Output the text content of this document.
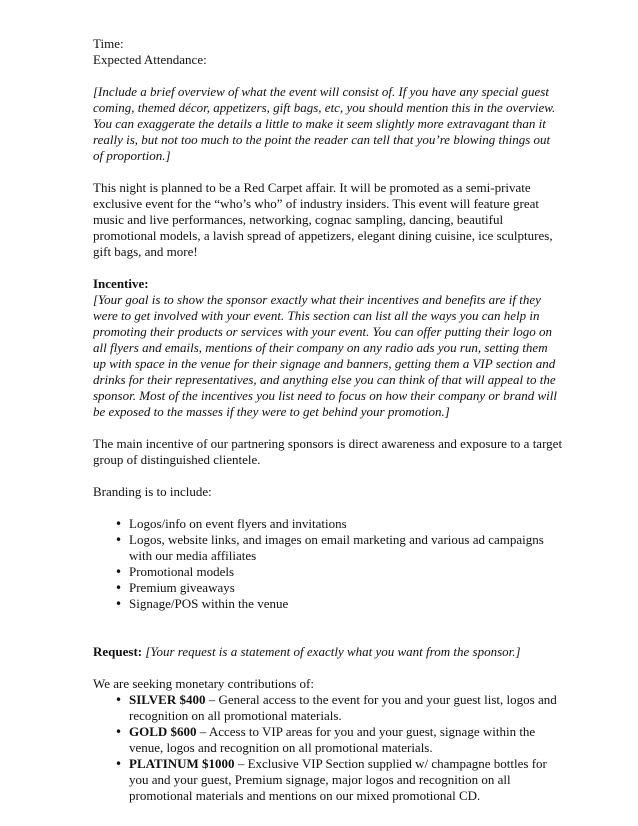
Time:

Expected Attendance:

[Include a brief overview of what the event will consist of. If you have any special guest coming, themed décor, appetizers, gift bags, etc, you should mention this in the overview. You can exaggerate the details a little to make it seem slightly more extravagant than it really is, but not too much to the point the reader can tell that you’re blowing things out of proportion.]

This night is planned to be a Red Carpet affair. It will be promoted as a semi-private exclusive event for the “who’s who” of industry insiders. This event will feature great music and live performances, networking, cognac sampling, dancing, beautiful promotional models, a lavish spread of appetizers, elegant dining cuisine, ice sculptures, gift bags, and more!

Incentive:

[Your goal is to show the sponsor exactly what their incentives and benefits are if they were to get involved with your event. This section can list all the ways you can help in promoting their products or services with your event. You can offer putting their logo on all flyers and emails, mentions of their company on any radio ads you run, setting them up with space in the venue for their signage and banners, getting them a VIP section and drinks for their representatives, and anything else you can think of that will appeal to the sponsor. Most of the incentives you list need to focus on how their company or brand will be exposed to the masses if they were to get behind your promotion.]

The main incentive of our partnering sponsors is direct awareness and exposure to a target group of distinguished clientele.

Branding is to include:

• Logos/info on event flyers and invitations
• Logos, website links, and images on email marketing and various ad campaigns with our media affiliates
• Promotional models
• Premium giveaways
• Signage/POS within the venue

Request: [Your request is a statement of exactly what you want from the sponsor.]

We are seeking monetary contributions of:

• SILVER $400 – General access to the event for you and your guest list, logos and recognition on all promotional materials.
• GOLD $600 – Access to VIP areas for you and your guest, signage within the venue, logos and recognition on all promotional materials.
• PLATINUM $1000 – Exclusive VIP Section supplied w/ champagne bottles for you and your guest, Premium signage, major logos and recognition on all promotional materials and mentions on our mixed promotional CD.
